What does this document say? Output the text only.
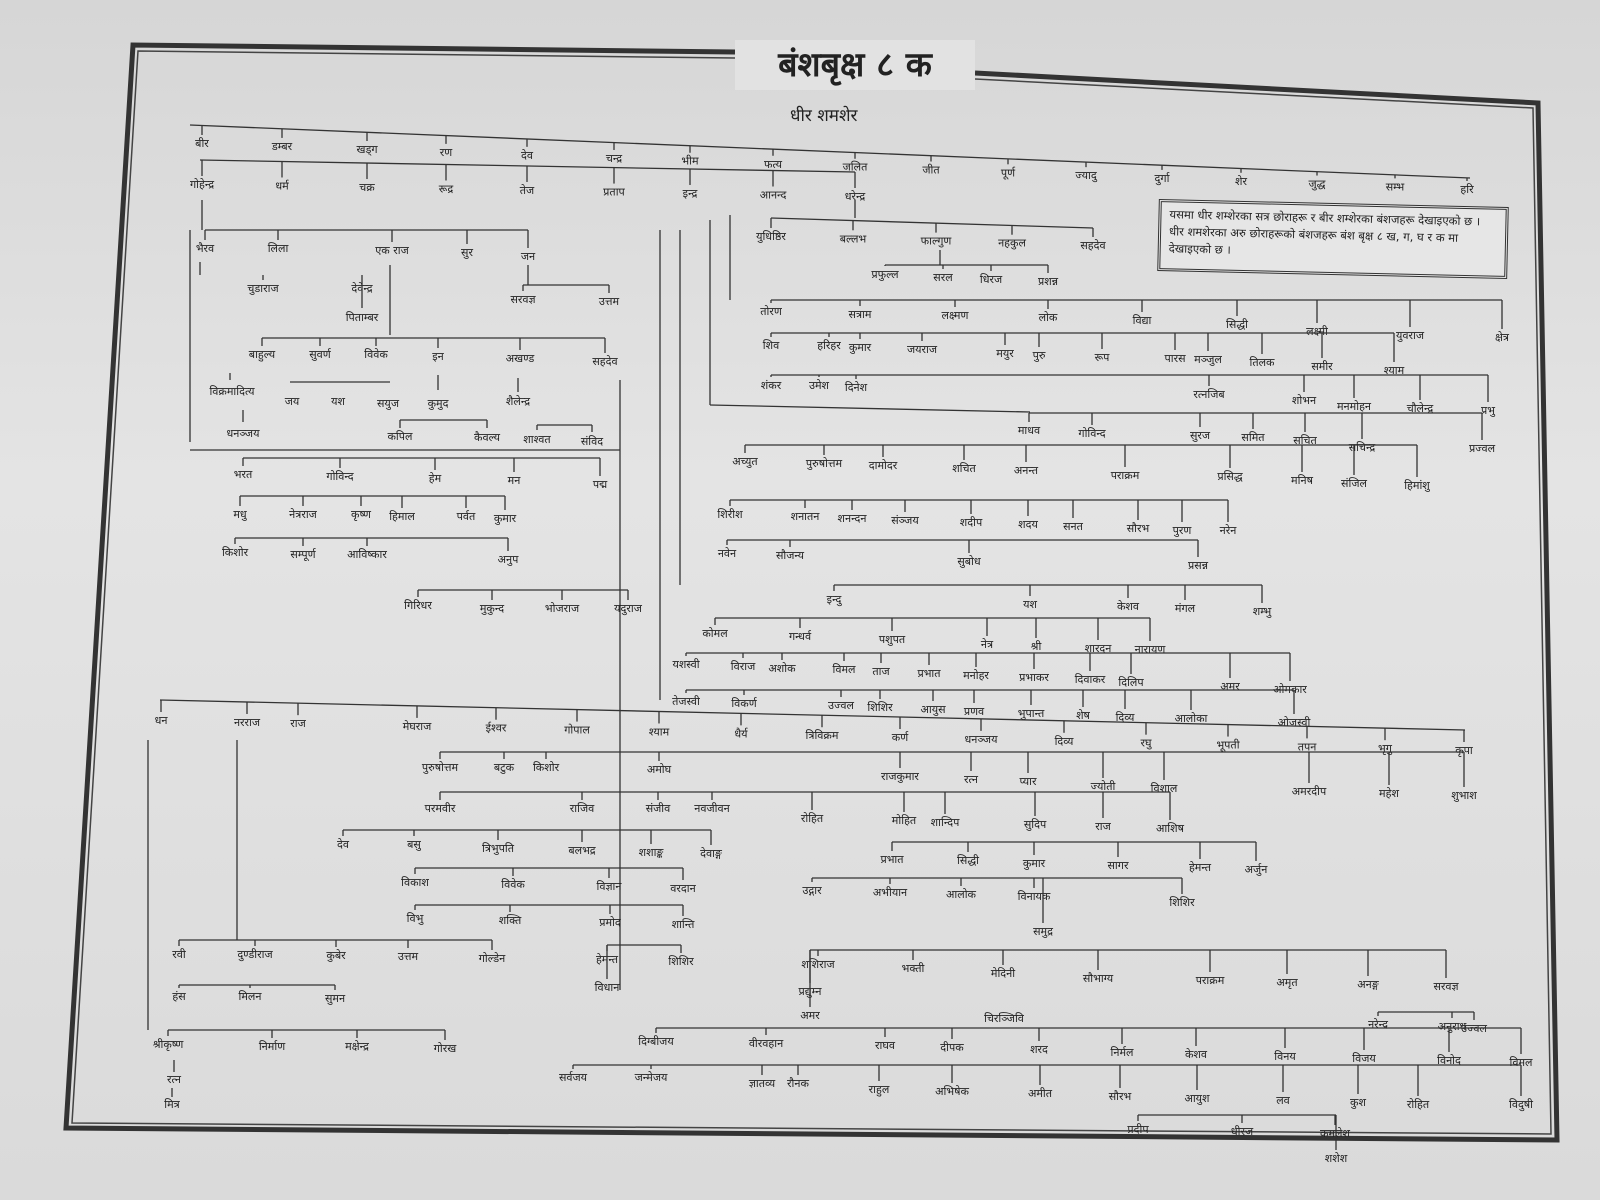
बंशबृक्ष ८ क
धीर शमशेर
यसमा धीर शम्शेरका सत्र छोराहरू र बीर शम्शेरका बंशजहरू देखाइएको छ । धीर शमशेरका अरु छोराहरूको बंशजहरू बंश बृक्ष ८ ख, ग, घ र क मा देखाइएको छ ।
बीर	डम्बर	खड्ग	रण	देव	चन्द्र	भीम	फत्य	जलित	जीत	पूर्ण	ज्यादु	दुर्गा	शेर	जुद्ध	सम्भ	हरि
गोहेन्द्र	धर्म	चक्र	रूद्र	तेज	प्रताप	इन्द्र	आनन्द	धरेन्द्र
युधिष्ठिर	बल्लभ	फाल्गुण	नहकुल	सहदेव
प्रफुल्ल	सरल धिरज	प्रशन्न
भैरव	लिला	एक राज	सुर	जन
चुडाराज	देवेन्द्र
पिताम्बर
सरवज्ञ	उत्तम
बाहुल्य	सुवर्ण	विवेक	इन	अखण्ड	सहदेव
विक्रमादित्य
जय	यश	सयुज	कुमुद	शैलेन्द्र
धनञ्जय	कपिल	कैवल्य शाश्वत	संविद
भरत	गोविन्द	हेम	मन	पद्म
मधु	नेत्रराज	कृष्ण हिमाल	पर्वत कुमार
किशोर	सम्पूर्ण	आविष्कार	अनुप
गिरिधर	मुकुन्द	भोजराज	यदुराज
तोरण	सत्राम	लक्ष्मण	लोक	विद्या	सिद्धी
लक्ष्मी	युवराज	क्षेत्र
शिव	हरिहर कुमार	जयराज	मयुर पुरु	रूप	पारस मञ्जुल	तिलक	समीर	श्याम
शंकर	उमेश दिनेश
रत्नजिब	शोभन मनमोहन	चौलेन्द्र	प्रभु
माधव	गोविन्द	सुरज	समित	सचित
सचिन्द्र	प्रज्वल
अच्युत	पुरुषोत्तम दामोदर	शचित	अनन्त	पराक्रम	प्रसिद्ध	मनिष	संजिल	हिमांशु
शिरीश	शनातन शनन्दन संञ्जय	शदीप	शदय सनत	सौरभ पुरण	नरेन
नवेन	सौजन्य	सुबोध	प्रसन्न
इन्दु	यश	केशव	मंगल	शम्भु
कोमल	गन्धर्व	पशुपत	नेत्र	श्री	शारदन नारायण
यशस्वी	विराज अशोक	विमल ताज	प्रभात मनोहर	प्रभाकर दिवाकर दिलिप	अमर	ओमकार
तेजस्वी	विकर्ण	उज्वल शिशिर	आयुस प्रणव	भुपान्त	शेष दिव्य	आलोका	ओजस्वी
धन	नरराज	राज	मेघराज	ईश्वर	गोपाल	श्याम	धैर्य	त्रिविक्रम	कर्ण	धनञ्जय	दिव्य	रघु	भूपती	तपन	भृगु	कृपा
पुरुषोत्तम	बटुक किशोर	अमोघ
राजकुमार	रत्न	प्यार	ज्योती	विशाल	अमरदीप	महेश	शुभाश
परमवीर	राजिव	संजीव नवजीवन
रोहित	मोहित शान्दिप	सुदिप	राज	आशिष
देव	बसु	त्रिभुपति	बलभद्र	शशाङ्क	देवाङ्ग
विकाश	विवेक	विज्ञान	वरदान
प्रभात	सिद्धी	कुमार	सागर	हेमन्त	अर्जुन
उद्गार	अभीयान	आलोक	विनायक	शिशिर
समुद्र
विभु	शक्ति	प्रमोद	शान्ति
रवी	दुण्डीराज	कुबेर	उत्तम	गोल्डेन	हेमन्त	शिशिर
विधान
हंस	मिलन	सुमन
शशिराज
प्रद्युम्न
अमर
भक्ती	मेदिनी	सौभाग्य	पराक्रम	अमृत	अनङ्ग	सरवज्ञ
चिरञ्जिवि	नरेन्द्र	अनुराध
उज्वल
श्रीकृष्ण	निर्माण	मक्षेन्द्र	गोरख
दिग्बीजय	वीरवहान	राघव	दीपक	शरद	निर्मल	केशव	विनय	विजय	विनोद	विमल
सर्वजय	जन्मेजय	ज्ञातव्य रौनक	राहुल	अभिषेक	अमीत	सौरभ	आयुश	लव	कुश	रोहित	विदुषी
रत्न
मित्र
प्रदीप	धीरज	कमलेश
शशेश
